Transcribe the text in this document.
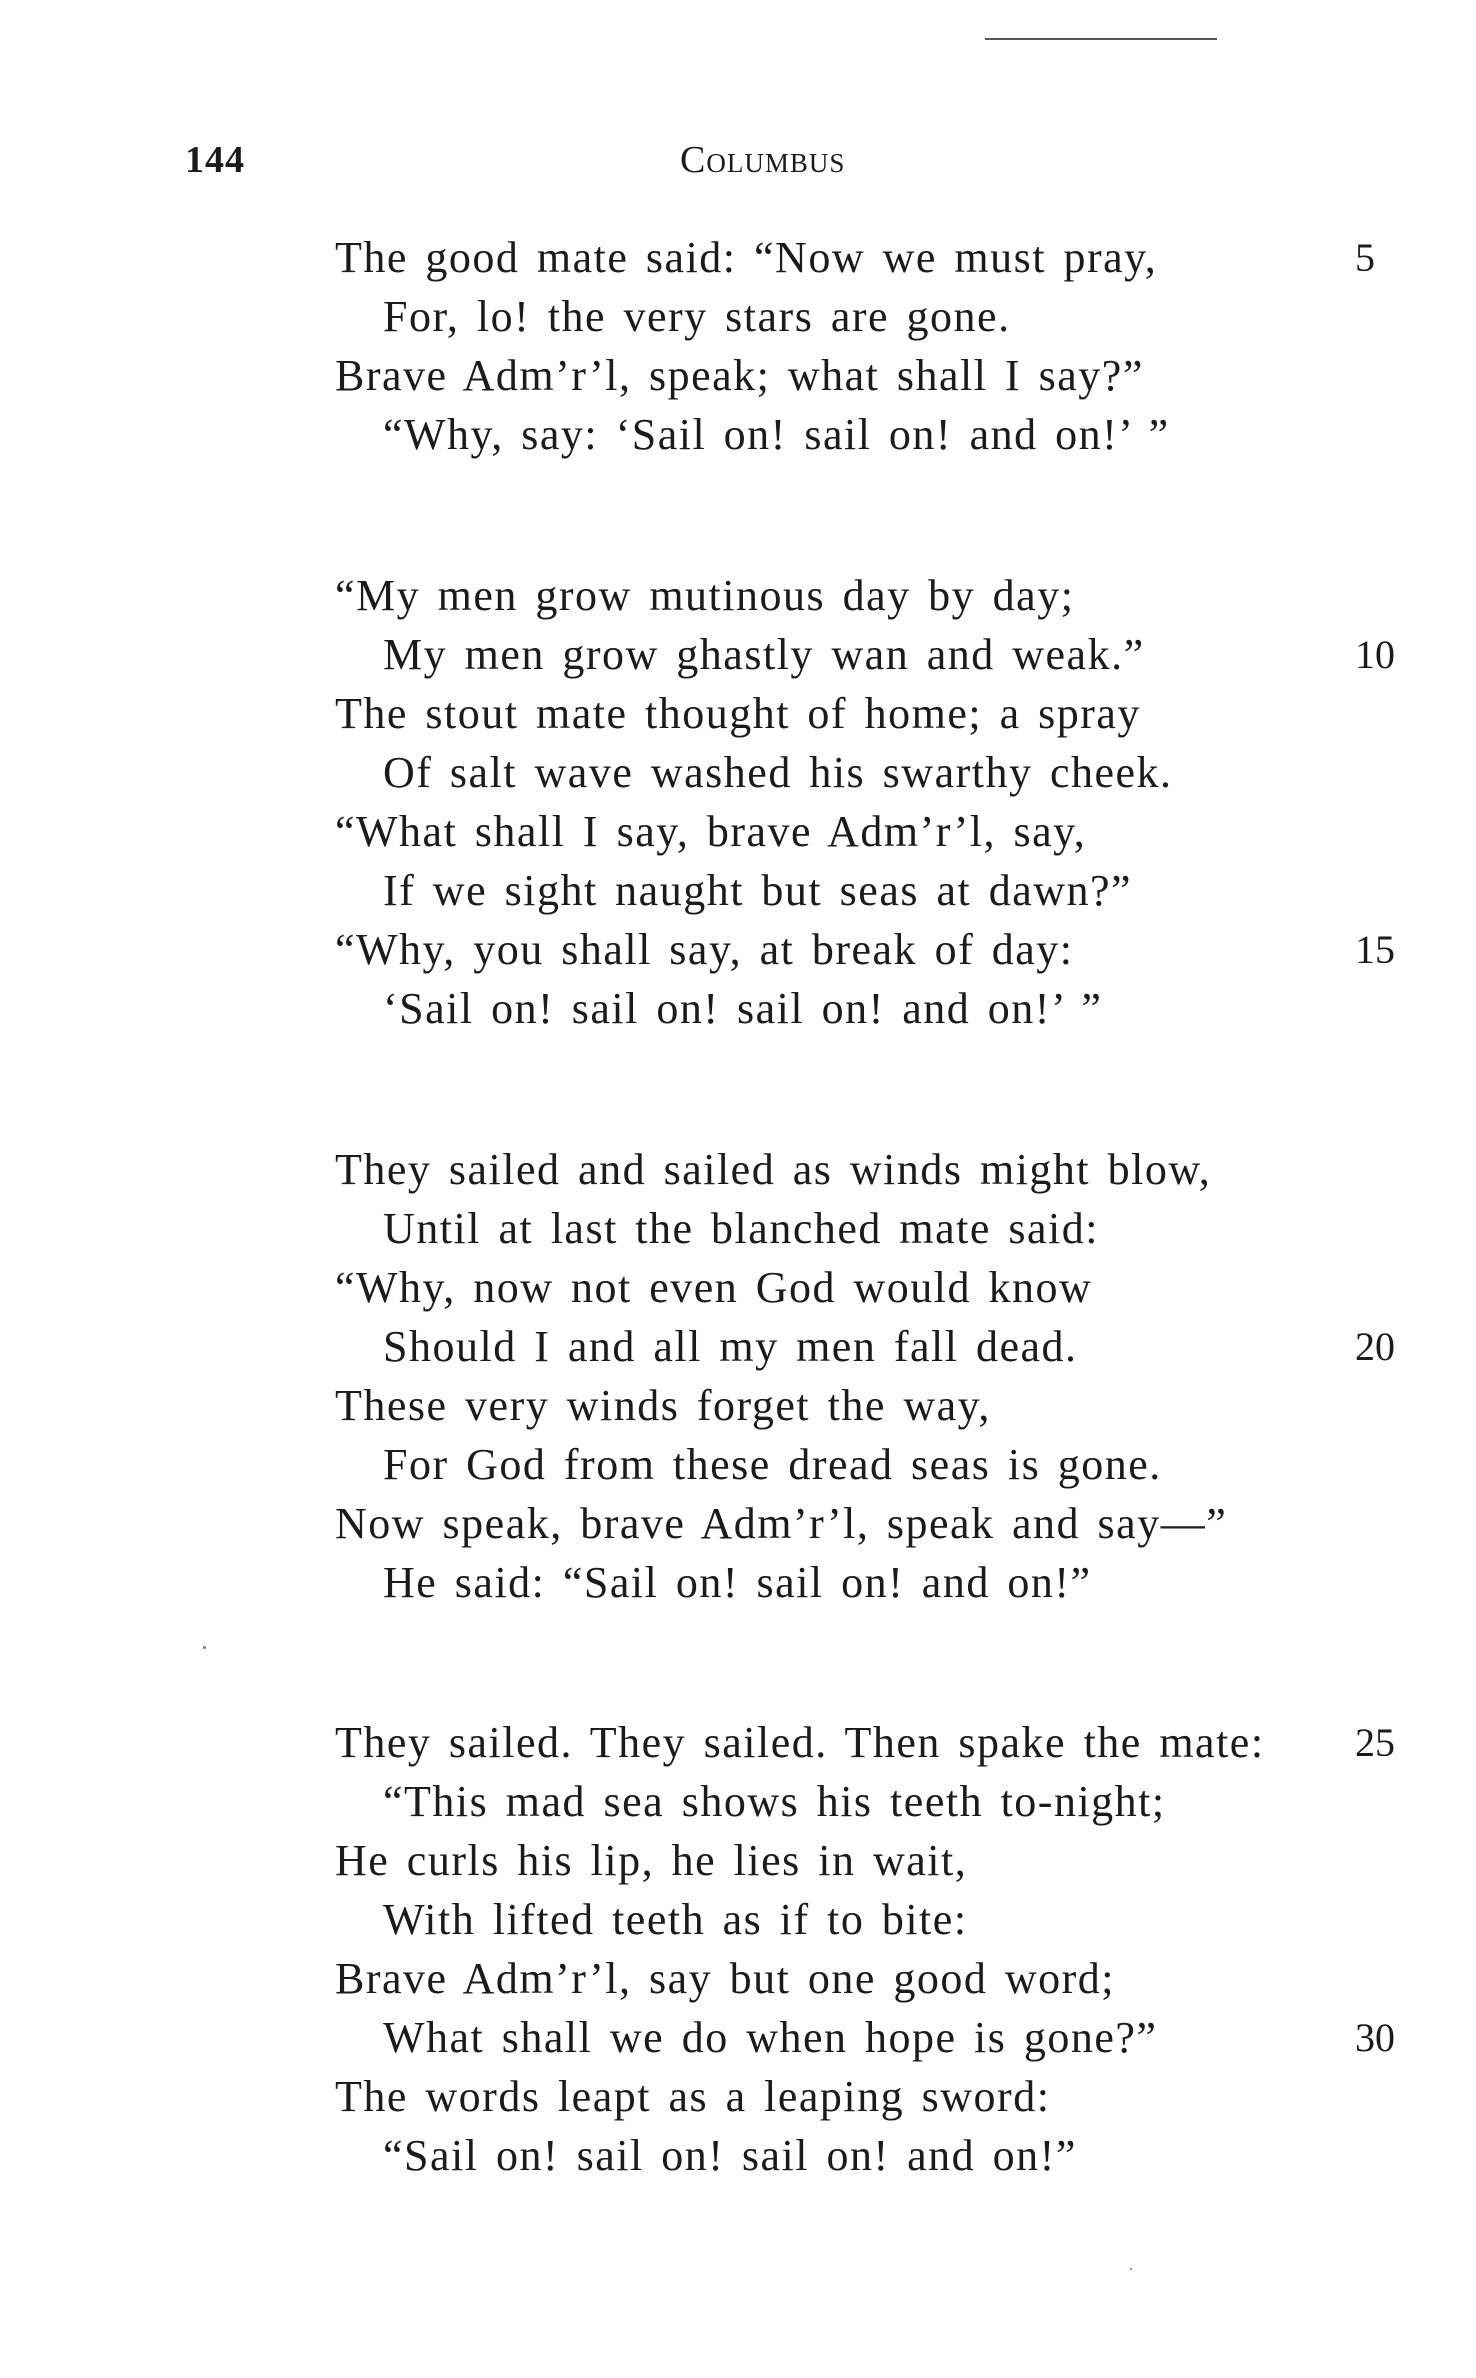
144	Columbus
The good mate said: “Now we must pray,	5
For, lo! the very stars are gone.
Brave Adm’r’l, speak; what shall I say?”
“Why, say: ‘Sail on! sail on! and on!’ ”
“My men grow mutinous day by day;
My men grow ghastly wan and weak.”	10
The stout mate thought of home; a spray
Of salt wave washed his swarthy cheek.
“What shall I say, brave Adm’r’l, say,
If we sight naught but seas at dawn?”
“Why, you shall say, at break of day:	15
‘Sail on! sail on! sail on! and on!’ ”
They sailed and sailed as winds might blow,
Until at last the blanched mate said:
“Why, now not even God would know
Should I and all my men fall dead.	20
These very winds forget the way,
For God from these dread seas is gone.
Now speak, brave Adm’r’l, speak and say—”
He said: “Sail on! sail on! and on!”
They sailed. They sailed. Then spake the mate: 25
“This mad sea shows his teeth to-night;
He curls his lip, he lies in wait,
With lifted teeth as if to bite:
Brave Adm’r’l, say but one good word;
What shall we do when hope is gone?”	30
The words leapt as a leaping sword:
“Sail on! sail on! sail on! and on!”
